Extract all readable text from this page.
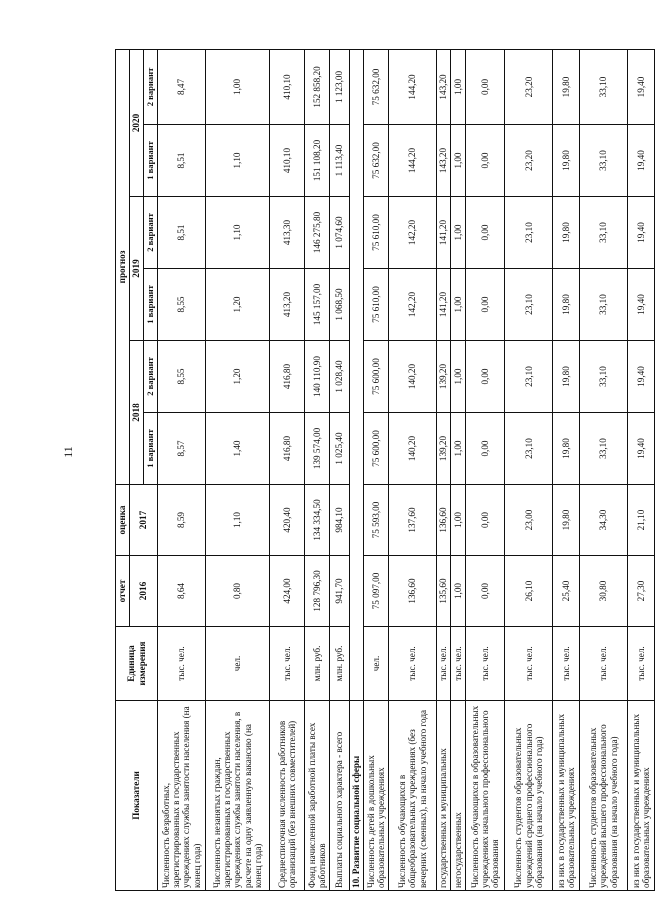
11
Показатели	Единица измерения	отчет	оценка	прогноз					
		2016	2017	2018		2019		2020	
				1 вариант	2 вариант	1 вариант	2 вариант	1 вариант	2 вариант
Численность безработных, зарегистрированных в государственных учреждениях службы занятости населения (на конец года)	тыс. чел.	8,64	8,59	8,57	8,55	8,55	8,51	8,51	8,47
Численность незанятых граждан, зарегистрированных в государственных учреждениях службы занятости населения, в расчете на одну заявленную вакансию (на конец года)	чел.	0,80	1,10	1,40	1,20	1,20	1,10	1,10	1,00
Среднесписочная численность работников организаций (без внешних совместителей)	тыс. чел.	424,00	420,40	416,80	416,80	413,20	413,30	410,10	410,10
Фонд начисленной заработной платы всех работников	млн. руб.	128 796,30	134 334,50	139 574,00	140 110,90	145 157,00	146 275,80	151 108,20	152 858,20
Выплаты социального характера - всего	млн. руб.	941,70	984,10	1 025,40	1 028,40	1 068,50	1 074,60	1 113,40	1 123,00
10. Развитие социальной сферы									
Численность детей в дошкольных образовательных учреждениях	чел.	75 097,00	75 593,00	75 600,00	75 600,00	75 610,00	75 610,00	75 632,00	75 632,00
Численность обучающихся в общеобразовательных учреждениях (без вечерних (сменных), на начало учебного года	тыс. чел.	136,60	137,60	140,20	140,20	142,20	142,20	144,20	144,20
государственных и муниципальных	тыс. чел.	135,60	136,60	139,20	139,20	141,20	141,20	143,20	143,20
негосударственных	тыс. чел.	1,00	1,00	1,00	1,00	1,00	1,00	1,00	1,00
Численность обучающихся в образовательных учреждениях начального профессионального образования	тыс. чел.	0,00	0,00	0,00	0,00	0,00	0,00	0,00	0,00
Численность студентов образовательных учреждений среднего профессионального образования (на начало учебного года)	тыс. чел.	26,10	23,00	23,10	23,10	23,10	23,10	23,20	23,20
из них в государственных и муниципальных образовательных учреждениях	тыс. чел.	25,40	19,80	19,80	19,80	19,80	19,80	19,80	19,80
Численность студентов образовательных учреждений высшего профессионального образования (на начало учебного года)	тыс. чел.	30,80	34,30	33,10	33,10	33,10	33,10	33,10	33,10
из них в государственных и муниципальных образовательных учреждениях	тыс. чел.	27,30	21,10	19,40	19,40	19,40	19,40	19,40	19,40
